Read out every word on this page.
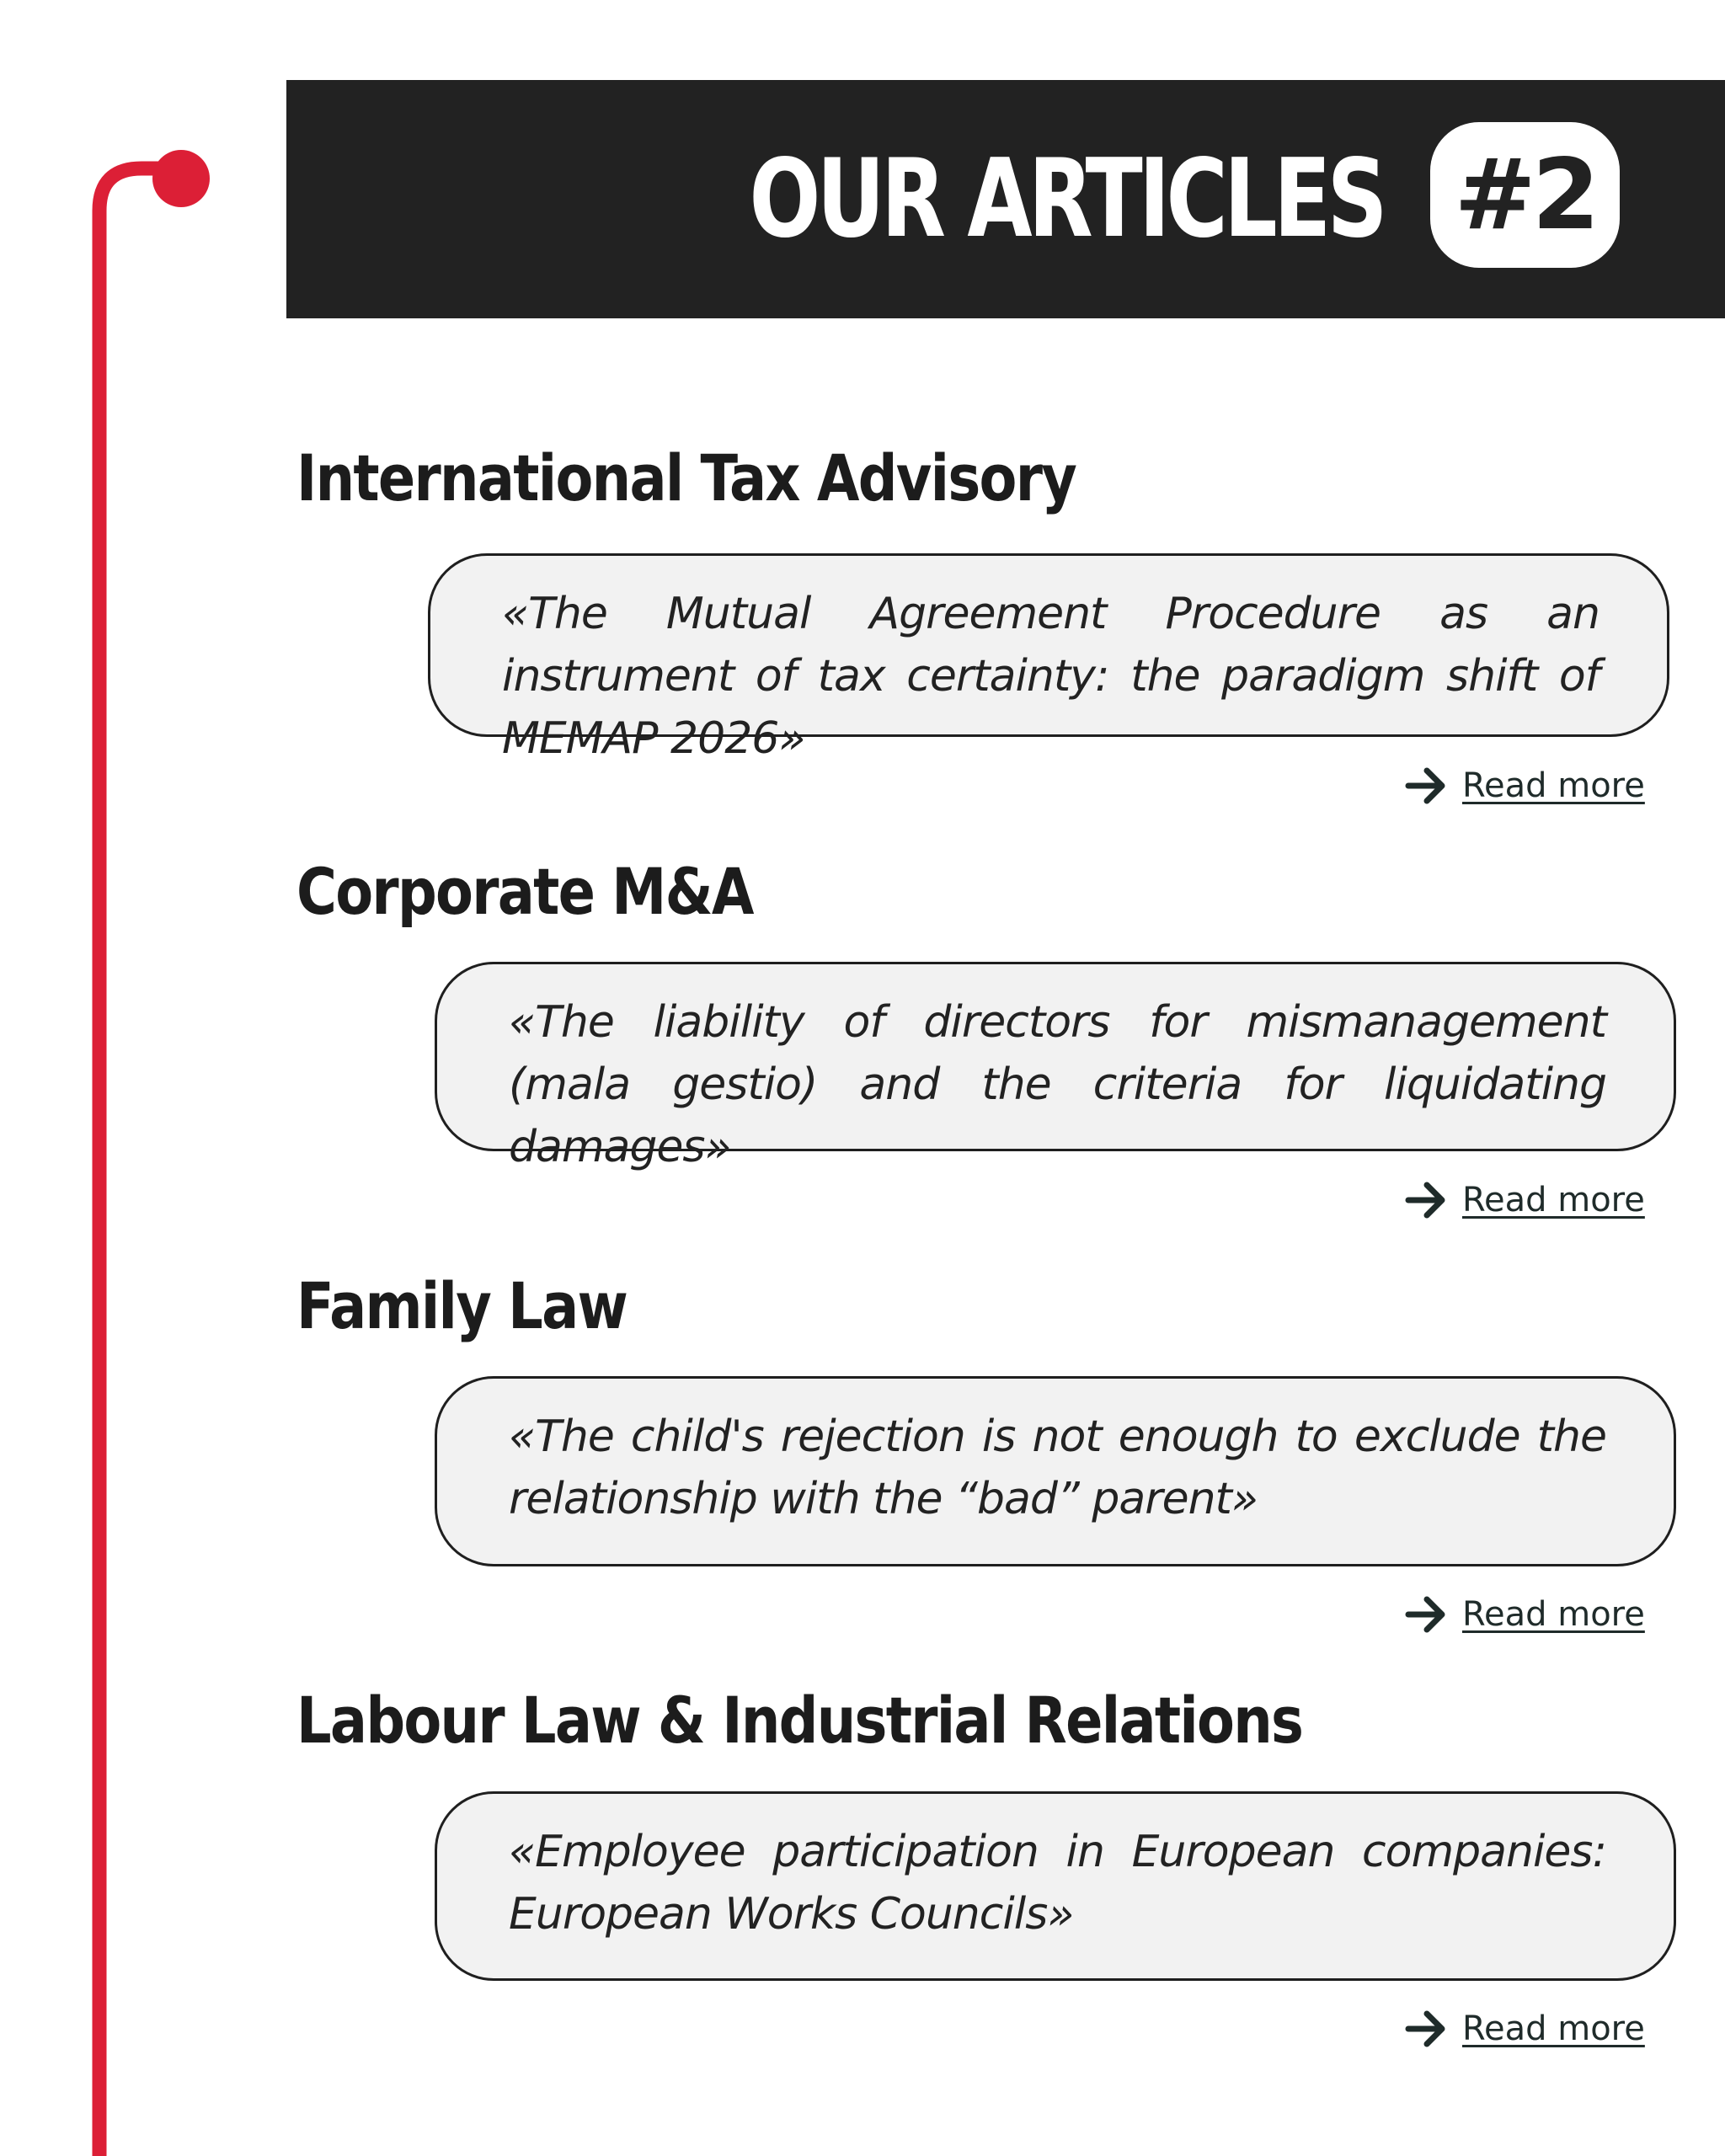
OUR ARTICLES #2
International Tax Advisory

«The Mutual Agreement Procedure as an instrument of tax certainty: the paradigm shift of MEMAP 2026»

Read more
Corporate M&A

«The liability of directors for mismanagement (mala gestio) and the criteria for liquidating damages»

Read more
Family Law

«The child's rejection is not enough to exclude the relationship with the “bad” parent»

Read more
Labour Law & Industrial Relations

«Employee participation in European companies: European Works Councils»

Read more
